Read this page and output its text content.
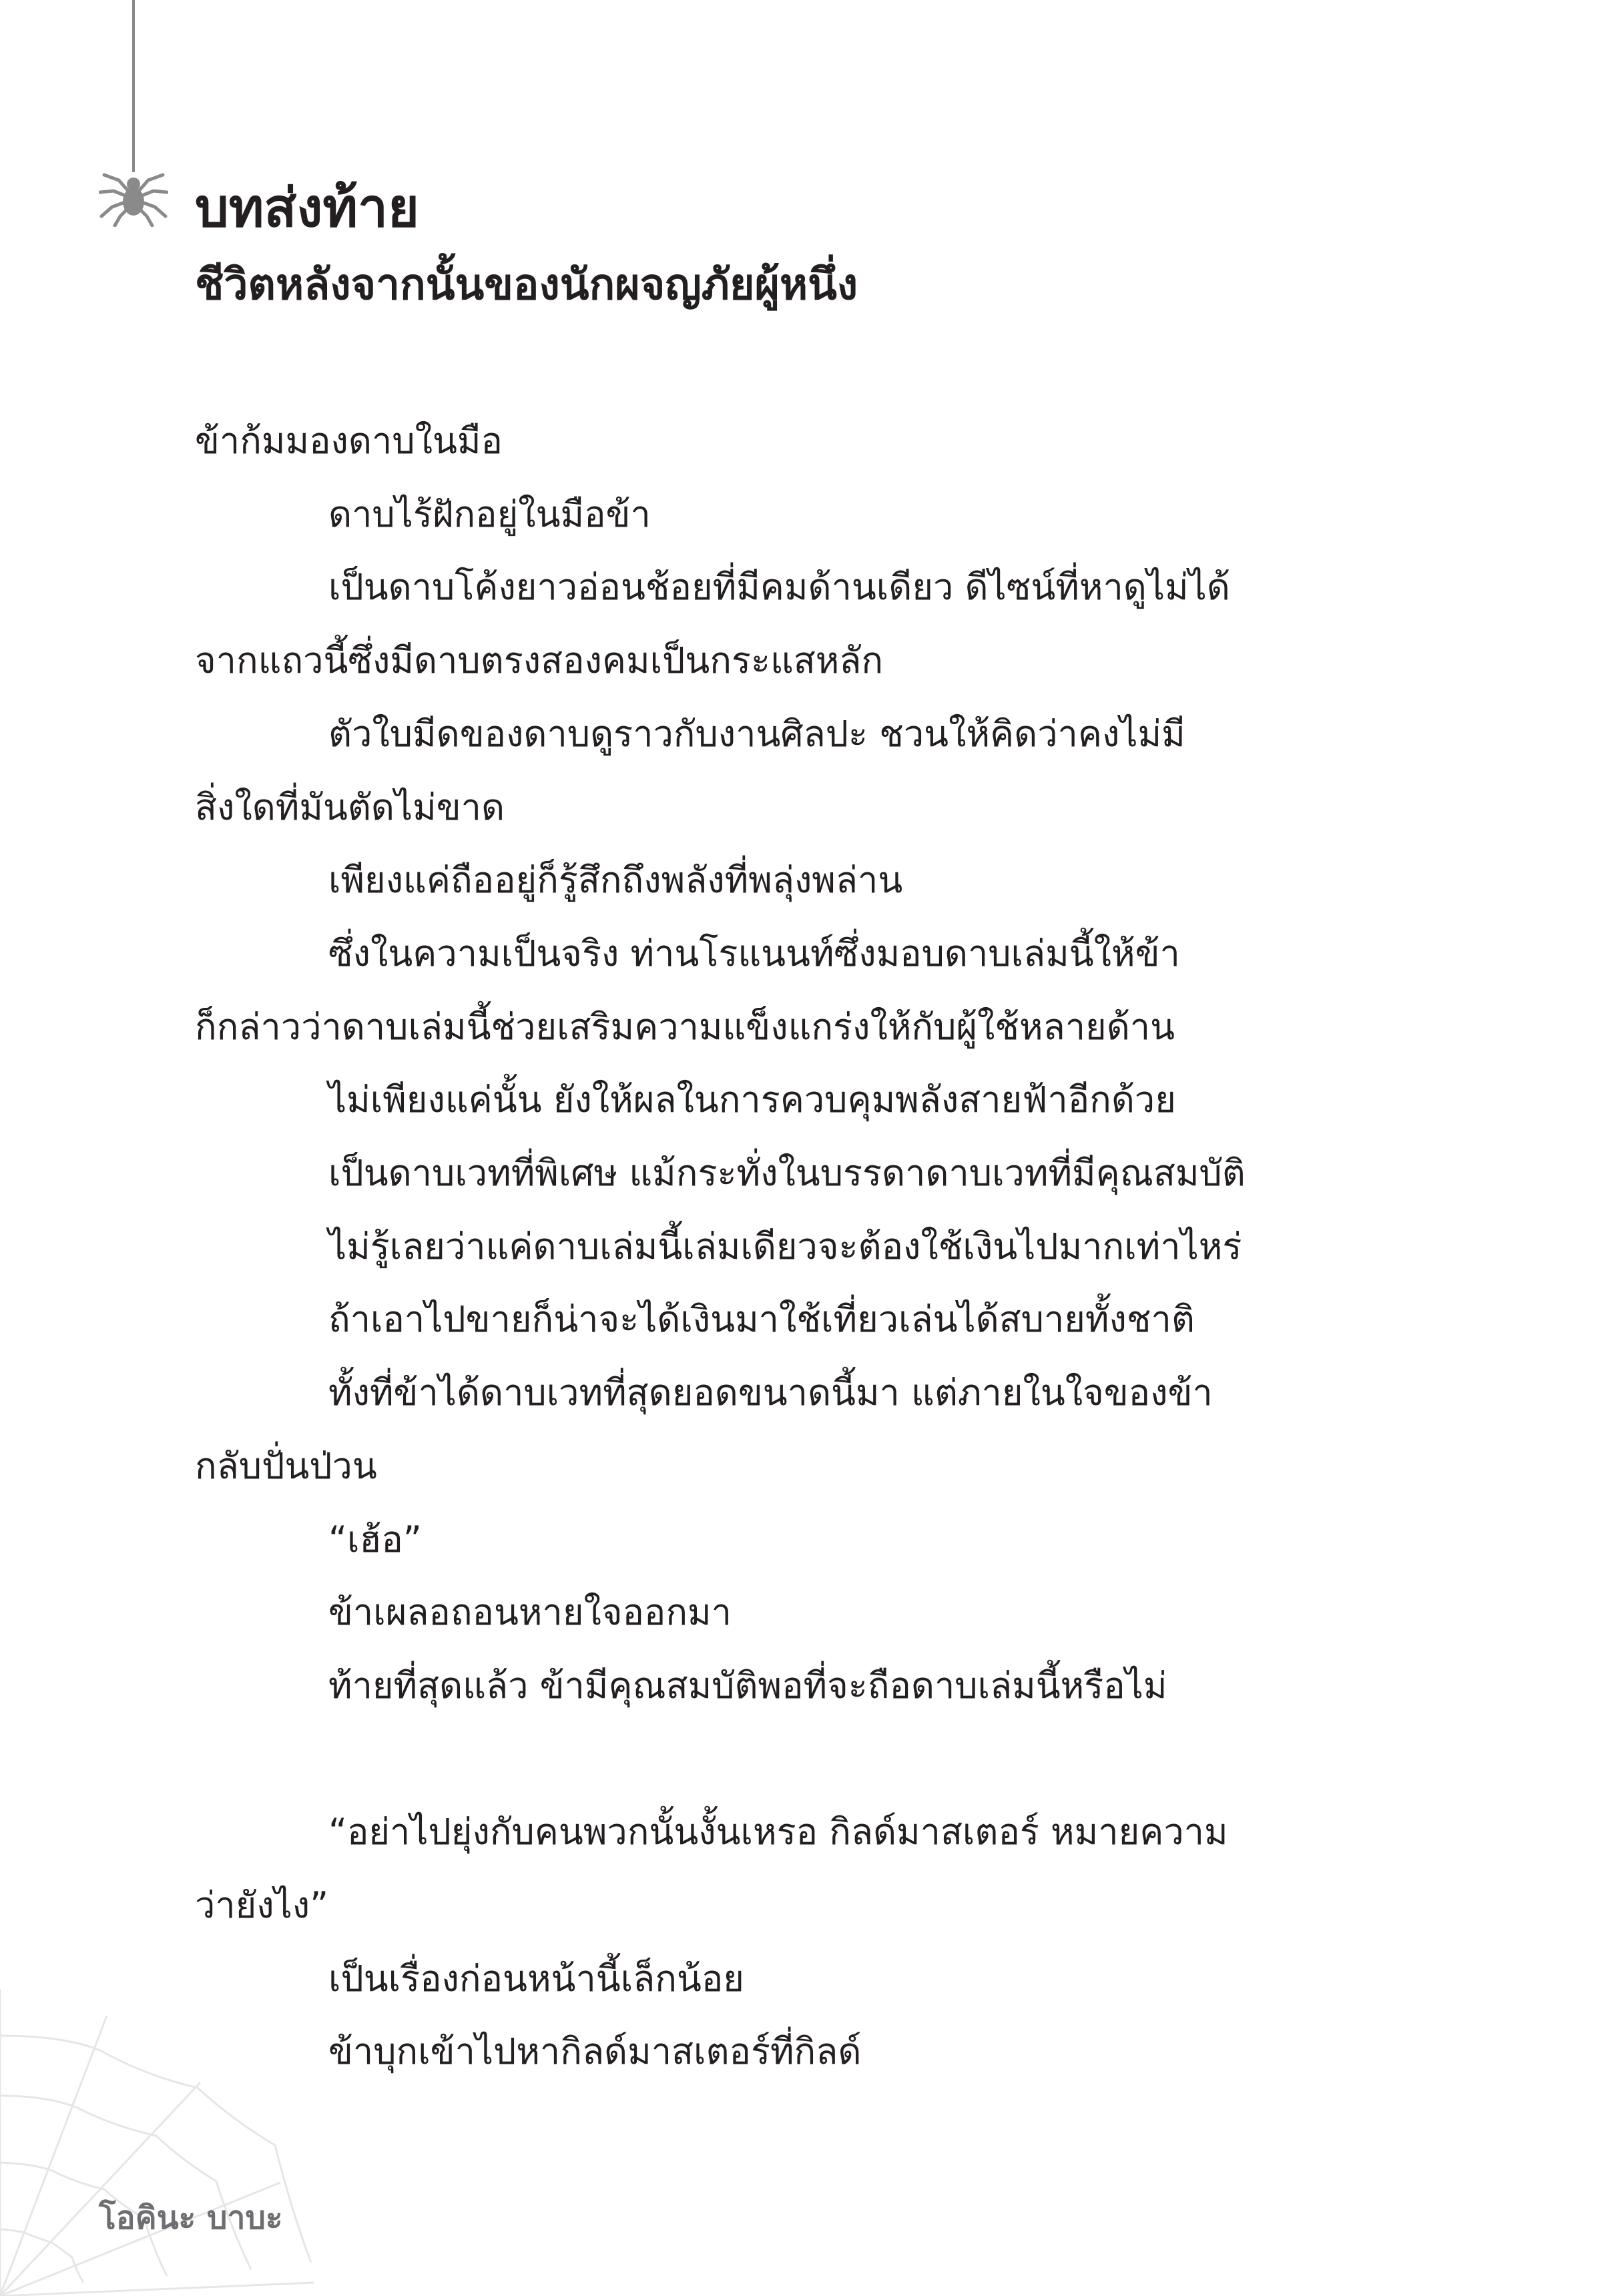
บทส่งท้าย
ชีวิตหลังจากนั้นของนักผจญภัยผู้หนึ่ง

ข้าก้มมองดาบในมือ

ดาบไร้ฝักอยู่ในมือข้า

เป็นดาบโค้งยาวอ่อนช้อยที่มีคมด้านเดียว ดีไซน์ที่หาดูไม่ได้

จากแถวนี้ซึ่งมีดาบตรงสองคมเป็นกระแสหลัก

ตัวใบมีดของดาบดูราวกับงานศิลปะ ชวนให้คิดว่าคงไม่มี

สิ่งใดที่มันตัดไม่ขาด

เพียงแค่ถืออยู่ก็รู้สึกถึงพลังที่พลุ่งพล่าน

ซึ่งในความเป็นจริง ท่านโรแนนท์ซึ่งมอบดาบเล่มนี้ให้ข้า

ก็กล่าวว่าดาบเล่มนี้ช่วยเสริมความแข็งแกร่งให้กับผู้ใช้หลายด้าน

ไม่เพียงแค่นั้น ยังให้ผลในการควบคุมพลังสายฟ้าอีกด้วย

เป็นดาบเวทที่พิเศษ แม้กระทั่งในบรรดาดาบเวทที่มีคุณสมบัติ

ไม่รู้เลยว่าแค่ดาบเล่มนี้เล่มเดียวจะต้องใช้เงินไปมากเท่าไหร่

ถ้าเอาไปขายก็น่าจะได้เงินมาใช้เที่ยวเล่นได้สบายทั้งชาติ

ทั้งที่ข้าได้ดาบเวทที่สุดยอดขนาดนี้มา แต่ภายในใจของข้า

กลับปั่นป่วน

“เฮ้อ”

ข้าเผลอถอนหายใจออกมา

ท้ายที่สุดแล้ว ข้ามีคุณสมบัติพอที่จะถือดาบเล่มนี้หรือไม่

“อย่าไปยุ่งกับคนพวกนั้นงั้นเหรอ กิลด์มาสเตอร์ หมายความ

ว่ายังไง”

เป็นเรื่องก่อนหน้านี้เล็กน้อย

ข้าบุกเข้าไปหากิลด์มาสเตอร์ที่กิลด์

โอคินะ บาบะ
